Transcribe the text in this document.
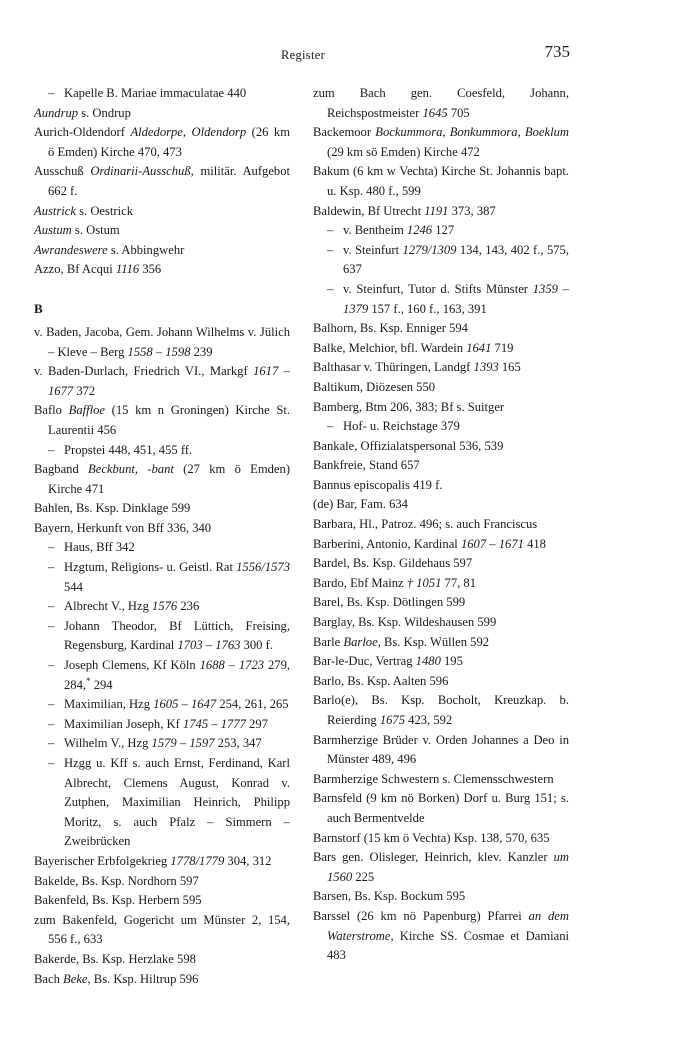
Register	735
– Kapelle B. Mariae immaculatae 440
Aundrup s. Ondrup
Aurich-Oldendorf Aldedorpe, Oldendorp (26 km ö Emden) Kirche 470, 473
Ausschuß Ordinarii-Ausschuß, militär. Aufgebot 662 f.
Austrick s. Oestrick
Austum s. Ostum
Awrandeswere s. Abbingwehr
Azzo, Bf Acqui 1116 356
B
v. Baden, Jacoba, Gem. Johann Wilhelms v. Jülich – Kleve – Berg 1558 – 1598 239
v. Baden-Durlach, Friedrich VI., Markgf 1617 – 1677 372
Baflo Baffloe (15 km n Groningen) Kirche St. Laurentii 456
– Propstei 448, 451, 455 ff.
Bagband Beckbunt, -bant (27 km ö Emden) Kirche 471
Bahlen, Bs. Ksp. Dinklage 599
Bayern, Herkunft von Bff 336, 340
– Haus, Bff 342
– Hzgtum, Religions- u. Geistl. Rat 1556/1573 544
– Albrecht V., Hzg 1576 236
– Johann Theodor, Bf Lüttich, Freising, Regensburg, Kardinal 1703 – 1763 300 f.
– Joseph Clemens, Kf Köln 1688 – 1723 279, 284,* 294
– Maximilian, Hzg 1605 – 1647 254, 261, 265
– Maximilian Joseph, Kf 1745 – 1777 297
– Wilhelm V., Hzg 1579 – 1597 253, 347
– Hzgg u. Kff s. auch Ernst, Ferdinand, Karl Albrecht, Clemens August, Konrad v. Zutphen, Maximilian Heinrich, Philipp Moritz, s. auch Pfalz – Simmern – Zweibrücken
Bayerischer Erbfolgekrieg 1778/1779 304, 312
Bakelde, Bs. Ksp. Nordhorn 597
Bakenfeld, Bs. Ksp. Herbern 595
zum Bakenfeld, Gogericht um Münster 2, 154, 556 f., 633
Bakerde, Bs. Ksp. Herzlake 598
Bach Beke, Bs. Ksp. Hiltrup 596
zum Bach gen. Coesfeld, Johann, Reichspostmeister 1645 705
Backemoor Bockummora, Bonkummora, Boeklum (29 km sö Emden) Kirche 472
Bakum (6 km w Vechta) Kirche St. Johannis bapt. u. Ksp. 480 f., 599
Baldewin, Bf Utrecht 1191 373, 387
– v. Bentheim 1246 127
– v. Steinfurt 1279/1309 134, 143, 402 f., 575, 637
– v. Steinfurt, Tutor d. Stifts Münster 1359 – 1379 157 f., 160 f., 163, 391
Balhorn, Bs. Ksp. Enniger 594
Balke, Melchior, bfl. Wardein 1641 719
Balthasar v. Thüringen, Landgf 1393 165
Baltikum, Diözesen 550
Bamberg, Btm 206, 383; Bf s. Suitger
– Hof- u. Reichstage 379
Bankale, Offizialatspersonal 536, 539
Bankfreie, Stand 657
Bannus episcopalis 419 f.
(de) Bar, Fam. 634
Barbara, Hl., Patroz. 496; s. auch Franciscus
Barberini, Antonio, Kardinal 1607 – 1671 418
Bardel, Bs. Ksp. Gildehaus 597
Bardo, Ebf Mainz † 1051 77, 81
Barel, Bs. Ksp. Dötlingen 599
Barglay, Bs. Ksp. Wildeshausen 599
Barle Barloe, Bs. Ksp. Wüllen 592
Bar-le-Duc, Vertrag 1480 195
Barlo, Bs. Ksp. Aalten 596
Barlo(e), Bs. Ksp. Bocholt, Kreuzkap. b. Reierding 1675 423, 592
Barmherzige Brüder v. Orden Johannes a Deo in Münster 489, 496
Barmherzige Schwestern s. Clemensschwestern
Barnsfeld (9 km nö Borken) Dorf u. Burg 151; s. auch Bermentvelde
Barnstorf (15 km ö Vechta) Ksp. 138, 570, 635
Bars gen. Olisleger, Heinrich, klev. Kanzler um 1560 225
Barsen, Bs. Ksp. Bockum 595
Barssel (26 km nö Papenburg) Pfarrei an dem Waterstrome, Kirche SS. Cosmae et Damiani 483
